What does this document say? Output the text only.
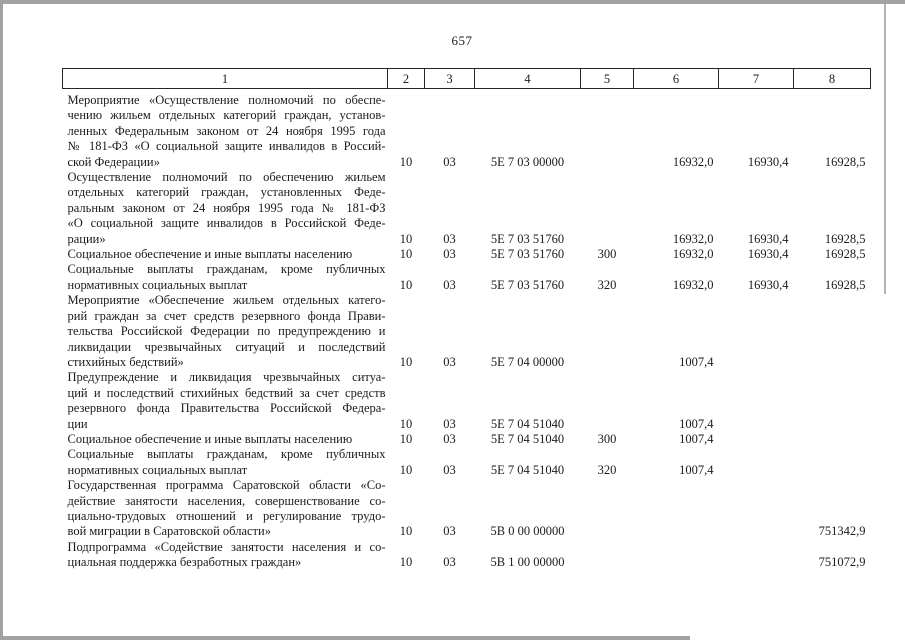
657
1	2	3	4	5	6	7	8

Мероприятие «Осуществление полномочий по обеспе-
чению жильем отдельных категорий граждан, установ-
ленных Федеральным законом от 24 ноября 1995 года
№ 181-ФЗ «О социальной защите инвалидов в Россий-
ской Федерации»	10	03	5Е 7 03 00000		16932,0	16930,4	16928,5

Осуществление полномочий по обеспечению жильем
отдельных категорий граждан, установленных Феде-
ральным законом от 24 ноября 1995 года № 181-ФЗ
«О социальной защите инвалидов в Российской Феде-
рации»	10	03	5Е 7 03 51760		16932,0	16930,4	16928,5

Социальное обеспечение и иные выплаты населению	10	03	5Е 7 03 51760	300	16932,0	16930,4	16928,5

Социальные выплаты гражданам, кроме публичных
нормативных социальных выплат	10	03	5Е 7 03 51760	320	16932,0	16930,4	16928,5

Мероприятие «Обеспечение жильем отдельных катего-
рий граждан за счет средств резервного фонда Прави-
тельства Российской Федерации по предупреждению и
ликвидации чрезвычайных ситуаций и последствий
стихийных бедствий»	10	03	5Е 7 04 00000		1007,4		

Предупреждение и ликвидация чрезвычайных ситуа-
ций и последствий стихийных бедствий за счет средств
резервного фонда Правительства Российской Федера-
ции	10	03	5Е 7 04 51040		1007,4		

Социальное обеспечение и иные выплаты населению	10	03	5Е 7 04 51040	300	1007,4		

Социальные выплаты гражданам, кроме публичных
нормативных социальных выплат	10	03	5Е 7 04 51040	320	1007,4		

Государственная программа Саратовской области «Со-
действие занятости населения, совершенствование со-
циально-трудовых отношений и регулирование трудо-
вой миграции в Саратовской области»	10	03	5В 0 00 00000				751342,9

Подпрограмма «Содействие занятости населения и со-
циальная поддержка безработных граждан»	10	03	5В 1 00 00000				751072,9
